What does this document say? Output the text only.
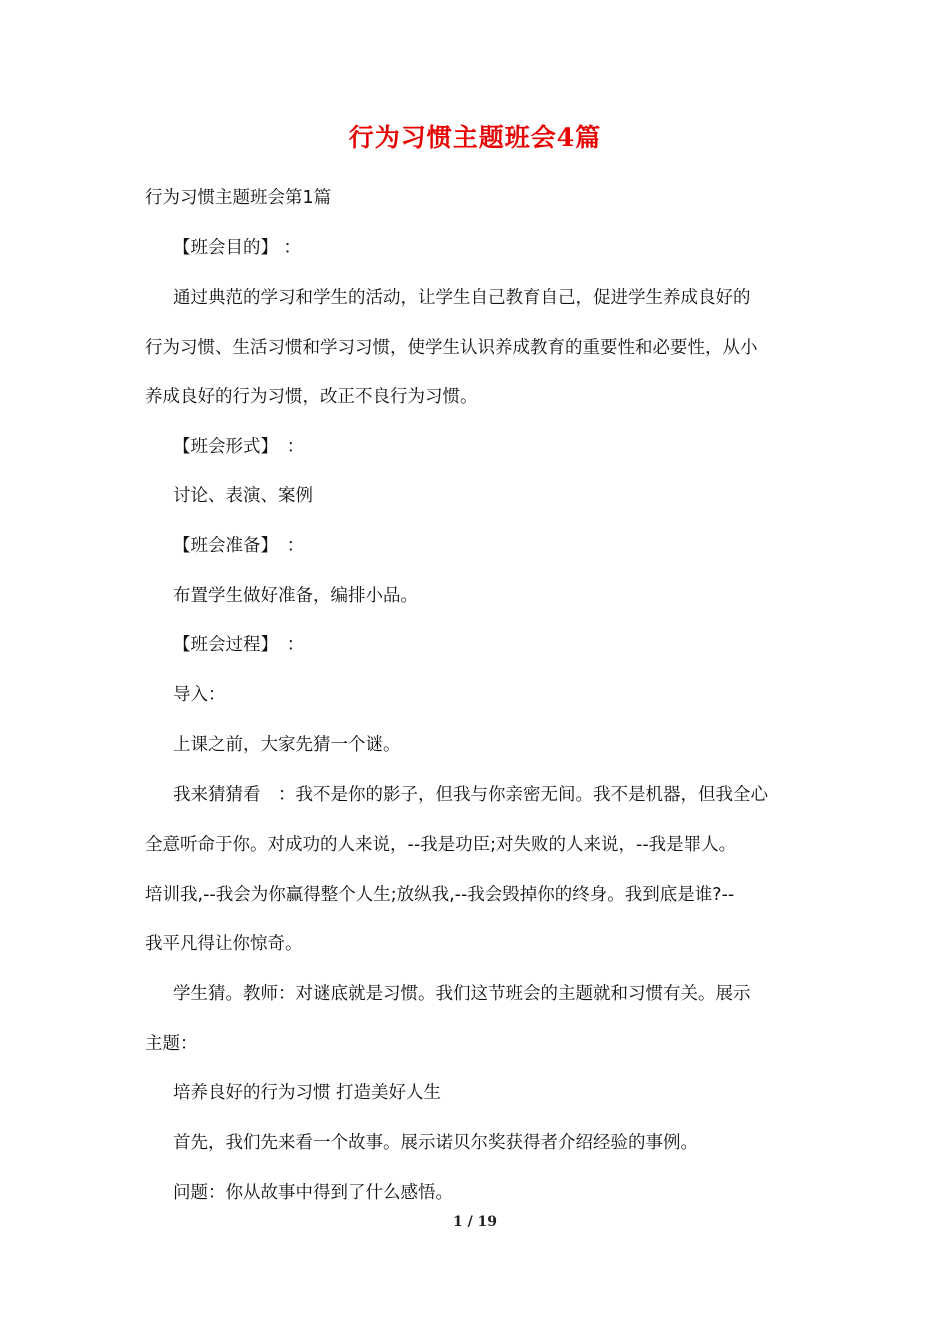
行为习惯主题班会4篇
行为习惯主题班会第1篇
【班会目的】 ：
通过典范的学习和学生的活动，让学生自己教育自己，促进学生养成良好的
行为习惯、生活习惯和学习习惯，使学生认识养成教育的重要性和必要性，从小
养成良好的行为习惯，改正不良行为习惯。
【班会形式】　：
讨论、表演、案例
【班会准备】　：
布置学生做好准备，编排小品。
【班会过程】　：
导入：
上课之前，大家先猜一个谜。
我来猜猜看　：我不是你的影子，但我与你亲密无间。我不是机器，但我全心
全意听命于你。对成功的人来说，--我是功臣;对失败的人来说，--我是罪人。
培训我,--我会为你赢得整个人生;放纵我,--我会毁掉你的终身。我到底是谁?--
我平凡得让你惊奇。
学生猜。教师：对谜底就是习惯。我们这节班会的主题就和习惯有关。展示
主题：
培养良好的行为习惯 打造美好人生
首先，我们先来看一个故事。展示诺贝尔奖获得者介绍经验的事例。
问题：你从故事中得到了什么感悟。
1 / 19
